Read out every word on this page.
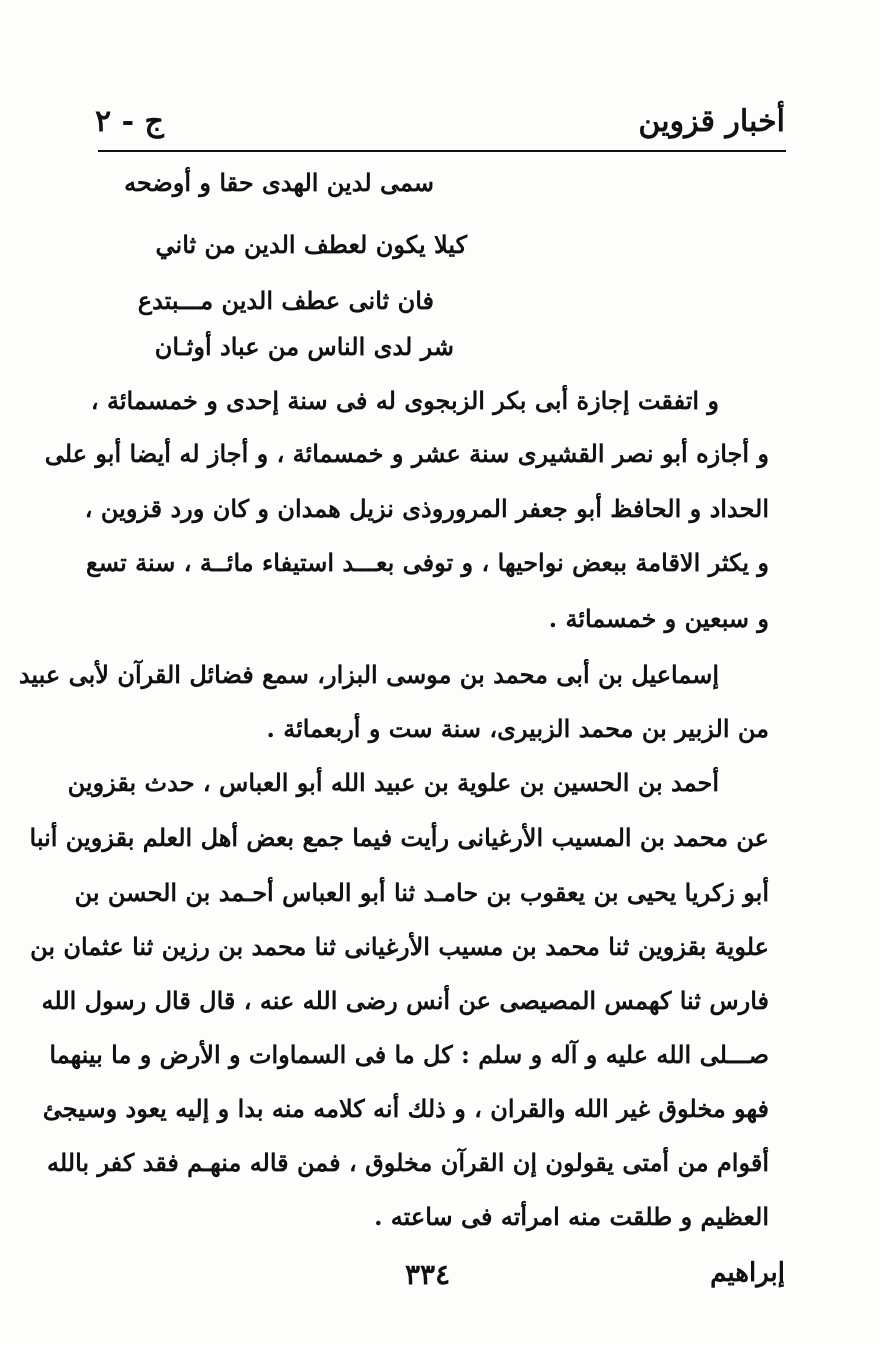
أخبار قزوين
ج - ٢
سمى لدين الهدى حقا و أوضحه
كيلا يكون لعطف الدين من ثاني
فان ثانى عطف الدين مـــبتدع
شر لدى الناس من عباد أوثـان
و اتفقت إجازة أبى بكر الزبجوى له فى سنة إحدى و خمسمائة ،
و أجازه أبو نصر القشيرى سنة عشر و خمسمائة ، و أجاز له أيضا أبو على
الحداد و الحافظ أبو جعفر المروروذى نزيل همدان و كان ورد قزوين ،
و يكثر الاقامة ببعض نواحيها ، و توفى بعـــد استيفاء مائــة ، سنة تسع
و سبعين و خمسمائة .
إسماعيل بن أبى محمد بن موسى البزار، سمع فضائل القرآن لأبى عبيد
من الزبير بن محمد الزبيرى، سنة ست و أربعمائة .
أحمد بن الحسين بن علوية بن عبيد الله أبو العباس ، حدث بقزوين
عن محمد بن المسيب الأرغيانى رأيت فيما جمع بعض أهل العلم بقزوين أنبا
أبو زكريا يحيى بن يعقوب بن حامـد ثنا أبو العباس أحـمد بن الحسن بن
علوية بقزوين ثنا محمد بن مسيب الأرغيانى ثنا محمد بن رزين ثنا عثمان بن
فارس ثنا كهمس المصيصى عن أنس رضى الله عنه ، قال قال رسول الله
صـــلى الله عليه و آله و سلم : كل ما فى السماوات و الأرض و ما بينهما
فهو مخلوق غير الله والقران ، و ذلك أنه كلامه منه بدا و إليه يعود وسيجئ
أقوام من أمتى يقولون إن القرآن مخلوق ، فمن قاله منهـم فقد كفر بالله
العظيم و طلقت منه امرأته فى ساعته .
إبراهيم
٣٣٤
